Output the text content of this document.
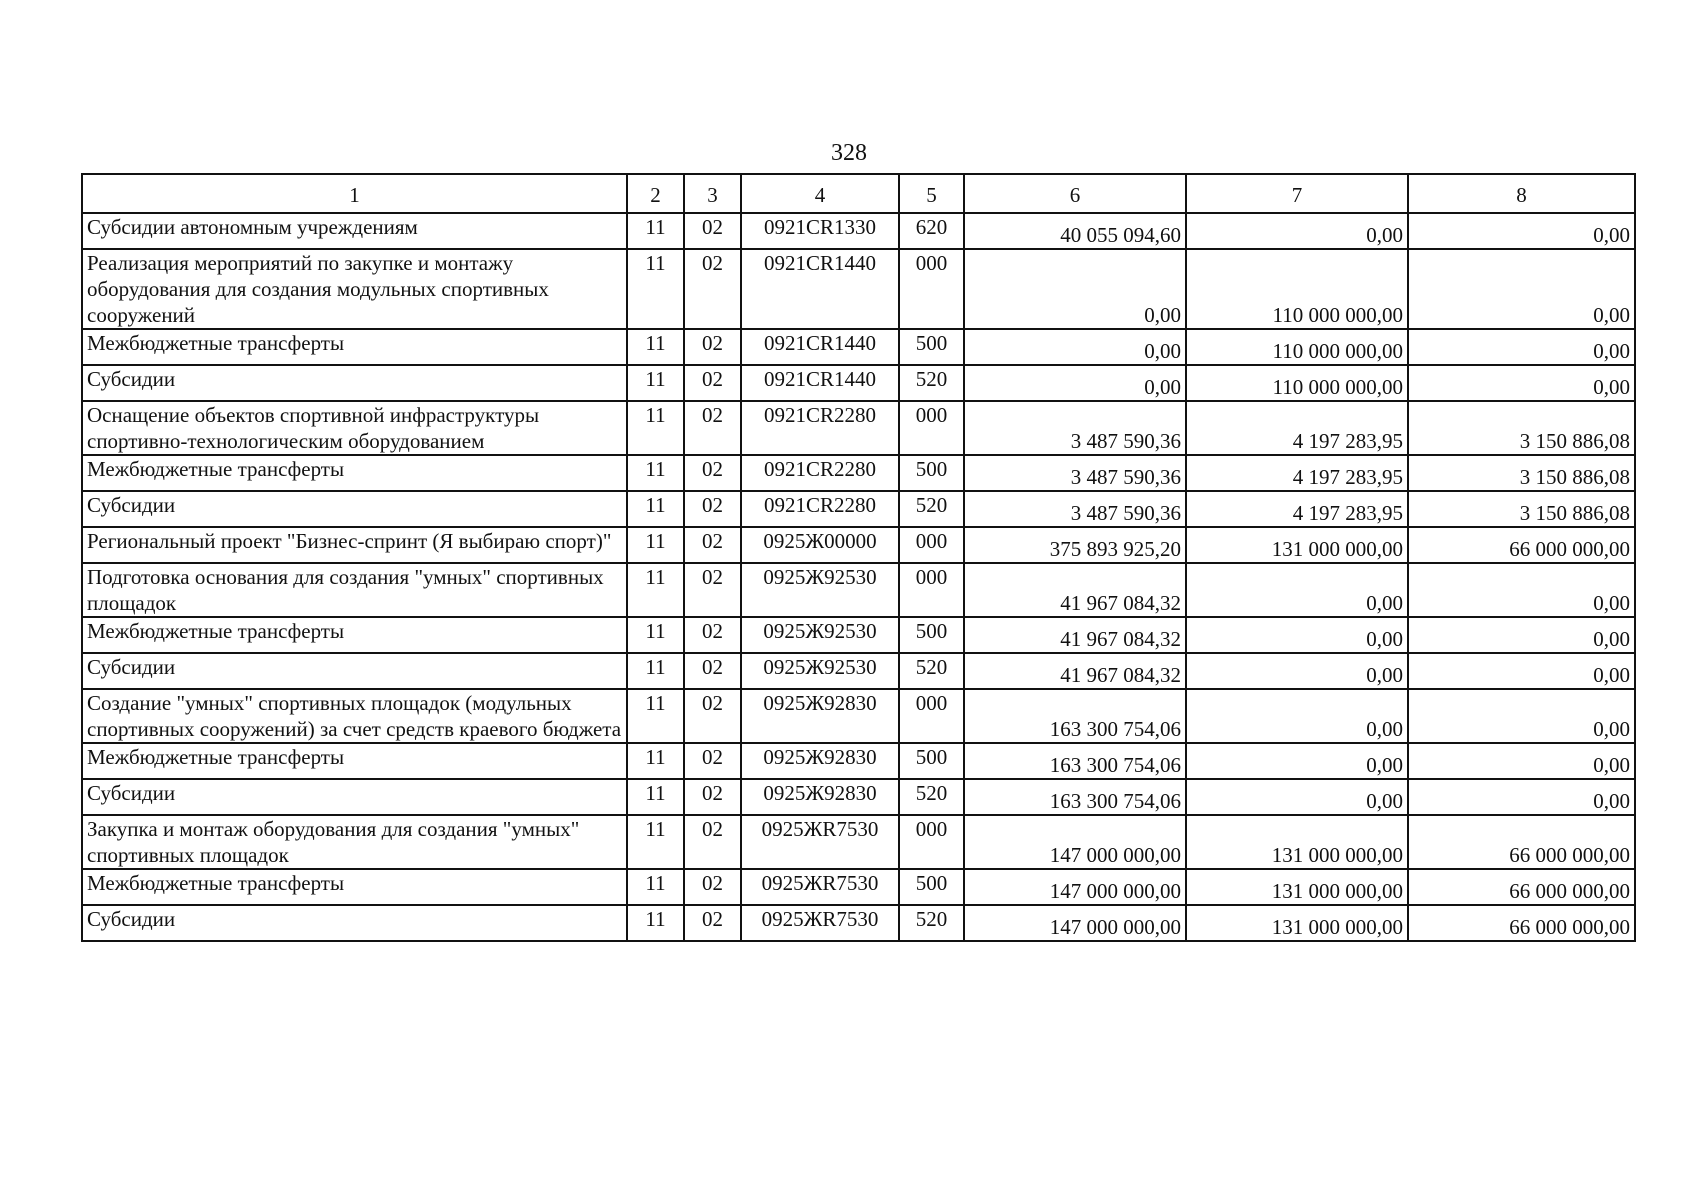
328
1	2	3	4	5	6	7	8
Субсидии автономным учреждениям	11	02	0921CR1330	620	40 055 094,60	0,00	0,00
Реализация мероприятий по закупке и монтажу оборудования для создания модульных спортивных сооружений	11	02	0921CR1440	000	0,00	110 000 000,00	0,00
Межбюджетные трансферты	11	02	0921CR1440	500	0,00	110 000 000,00	0,00
Субсидии	11	02	0921CR1440	520	0,00	110 000 000,00	0,00
Оснащение объектов спортивной инфраструктуры спортивно-технологическим оборудованием	11	02	0921CR2280	000	3 487 590,36	4 197 283,95	3 150 886,08
Межбюджетные трансферты	11	02	0921CR2280	500	3 487 590,36	4 197 283,95	3 150 886,08
Субсидии	11	02	0921CR2280	520	3 487 590,36	4 197 283,95	3 150 886,08
Региональный проект "Бизнес-спринт (Я выбираю спорт)"	11	02	0925Ж00000	000	375 893 925,20	131 000 000,00	66 000 000,00
Подготовка основания для создания "умных" спортивных площадок	11	02	0925Ж92530	000	41 967 084,32	0,00	0,00
Межбюджетные трансферты	11	02	0925Ж92530	500	41 967 084,32	0,00	0,00
Субсидии	11	02	0925Ж92530	520	41 967 084,32	0,00	0,00
Создание "умных" спортивных площадок (модульных спортивных сооружений) за счет средств краевого бюджета	11	02	0925Ж92830	000	163 300 754,06	0,00	0,00
Межбюджетные трансферты	11	02	0925Ж92830	500	163 300 754,06	0,00	0,00
Субсидии	11	02	0925Ж92830	520	163 300 754,06	0,00	0,00
Закупка и монтаж оборудования для создания "умных" спортивных площадок	11	02	0925ЖR7530	000	147 000 000,00	131 000 000,00	66 000 000,00
Межбюджетные трансферты	11	02	0925ЖR7530	500	147 000 000,00	131 000 000,00	66 000 000,00
Субсидии	11	02	0925ЖR7530	520	147 000 000,00	131 000 000,00	66 000 000,00
